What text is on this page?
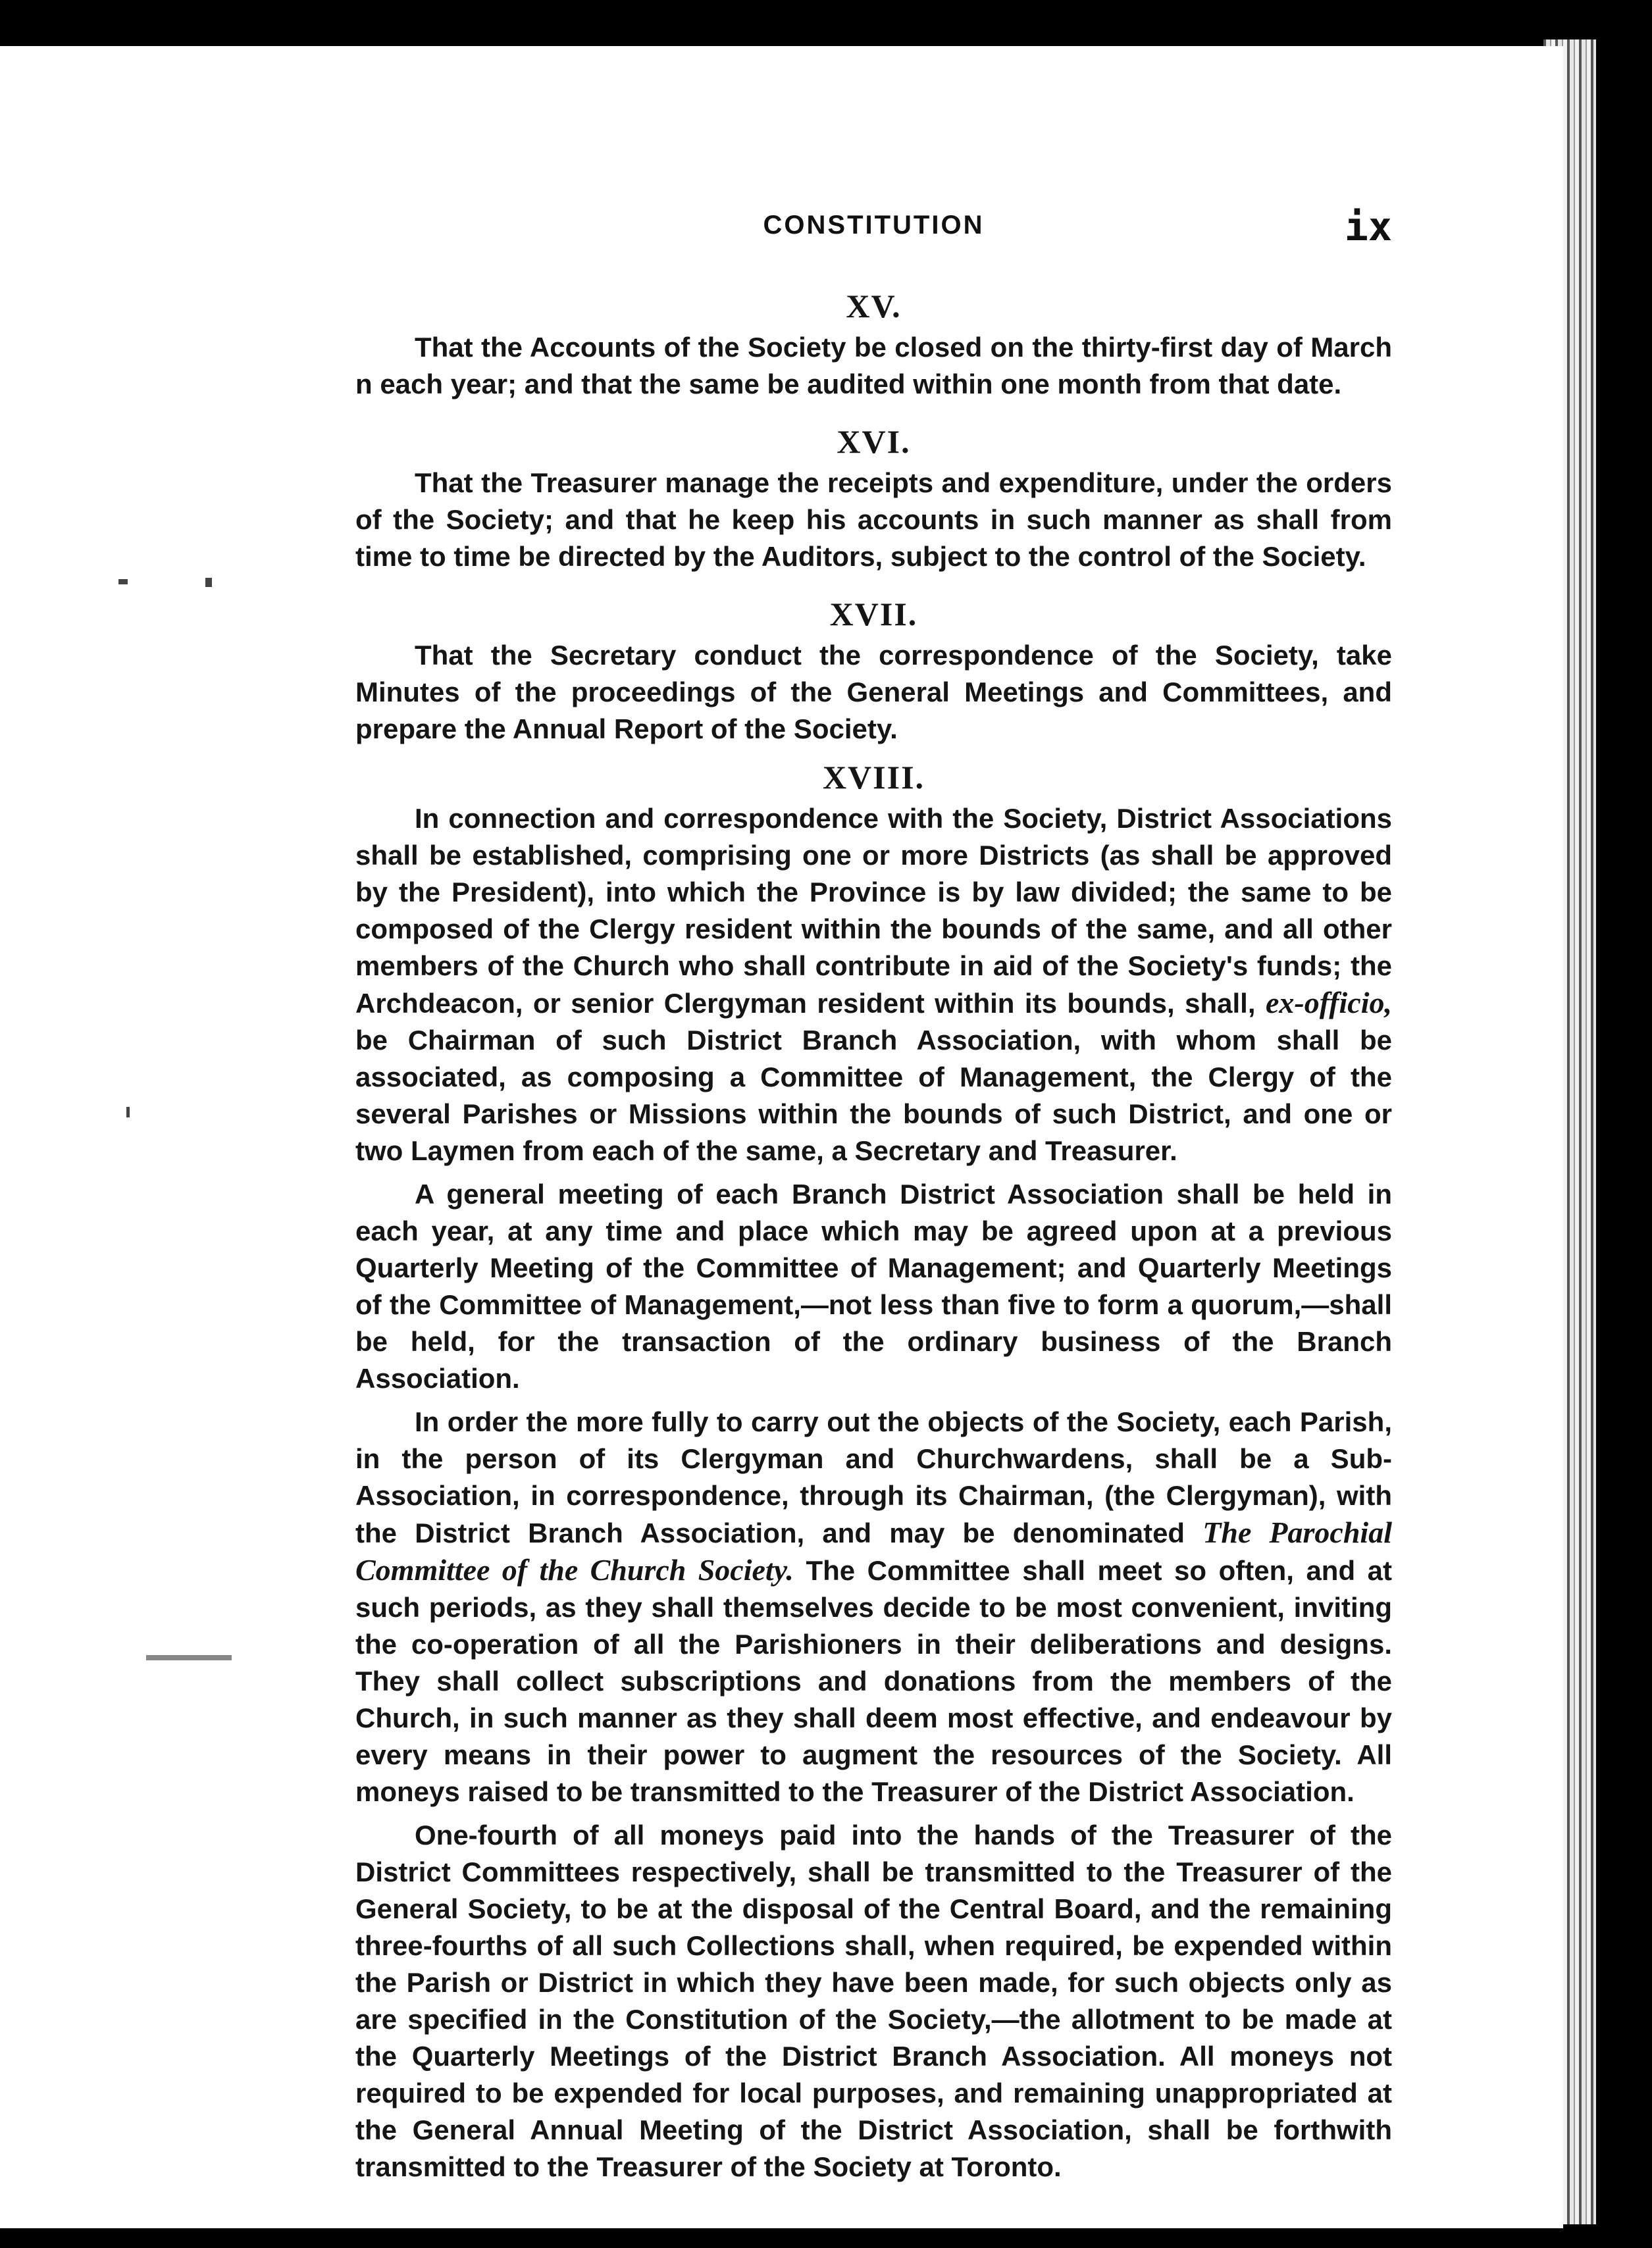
CONSTITUTION	ix
XV.

That the Accounts of the Society be closed on the thirty-first day of March n each year; and that the same be audited within one month from that date.

XVI.

That the Treasurer manage the receipts and expenditure, under the orders of the Society; and that he keep his accounts in such manner as shall from time to time be directed by the Auditors, subject to the control of the Society.

XVII.

That the Secretary conduct the correspondence of the Society, take Minutes of the proceedings of the General Meetings and Committees, and prepare the Annual Report of the Society.

XVIII.

In connection and correspondence with the Society, District Associations shall be established, comprising one or more Districts (as shall be approved by the President), into which the Province is by law divided; the same to be composed of the Clergy resident within the bounds of the same, and all other members of the Church who shall contribute in aid of the Society's funds; the Archdeacon, or senior Clergyman resident within its bounds, shall, ex-officio, be Chairman of such District Branch Association, with whom shall be associated, as composing a Committee of Management, the Clergy of the several Parishes or Missions within the bounds of such District, and one or two Laymen from each of the same, a Secretary and Treasurer.

A general meeting of each Branch District Association shall be held in each year, at any time and place which may be agreed upon at a previous Quarterly Meeting of the Committee of Management; and Quarterly Meetings of the Committee of Management,—not less than five to form a quorum,—shall be held, for the transaction of the ordinary business of the Branch Association.

In order the more fully to carry out the objects of the Society, each Parish, in the person of its Clergyman and Churchwardens, shall be a Sub-Association, in correspondence, through its Chairman, (the Clergyman), with the District Branch Association, and may be denominated The Parochial Committee of the Church Society. The Committee shall meet so often, and at such periods, as they shall themselves decide to be most convenient, inviting the co-operation of all the Parishioners in their deliberations and designs. They shall collect subscriptions and donations from the members of the Church, in such manner as they shall deem most effective, and endeavour by every means in their power to augment the resources of the Society. All moneys raised to be transmitted to the Treasurer of the District Association.

One-fourth of all moneys paid into the hands of the Treasurer of the District Committees respectively, shall be transmitted to the Treasurer of the General Society, to be at the disposal of the Central Board, and the remaining three-fourths of all such Collections shall, when required, be expended within the Parish or District in which they have been made, for such objects only as are specified in the Constitution of the Society,—the allotment to be made at the Quarterly Meetings of the District Branch Association. All moneys not required to be expended for local purposes, and remaining unappropriated at the General Annual Meeting of the District Association, shall be forthwith transmitted to the Treasurer of the Society at Toronto.
